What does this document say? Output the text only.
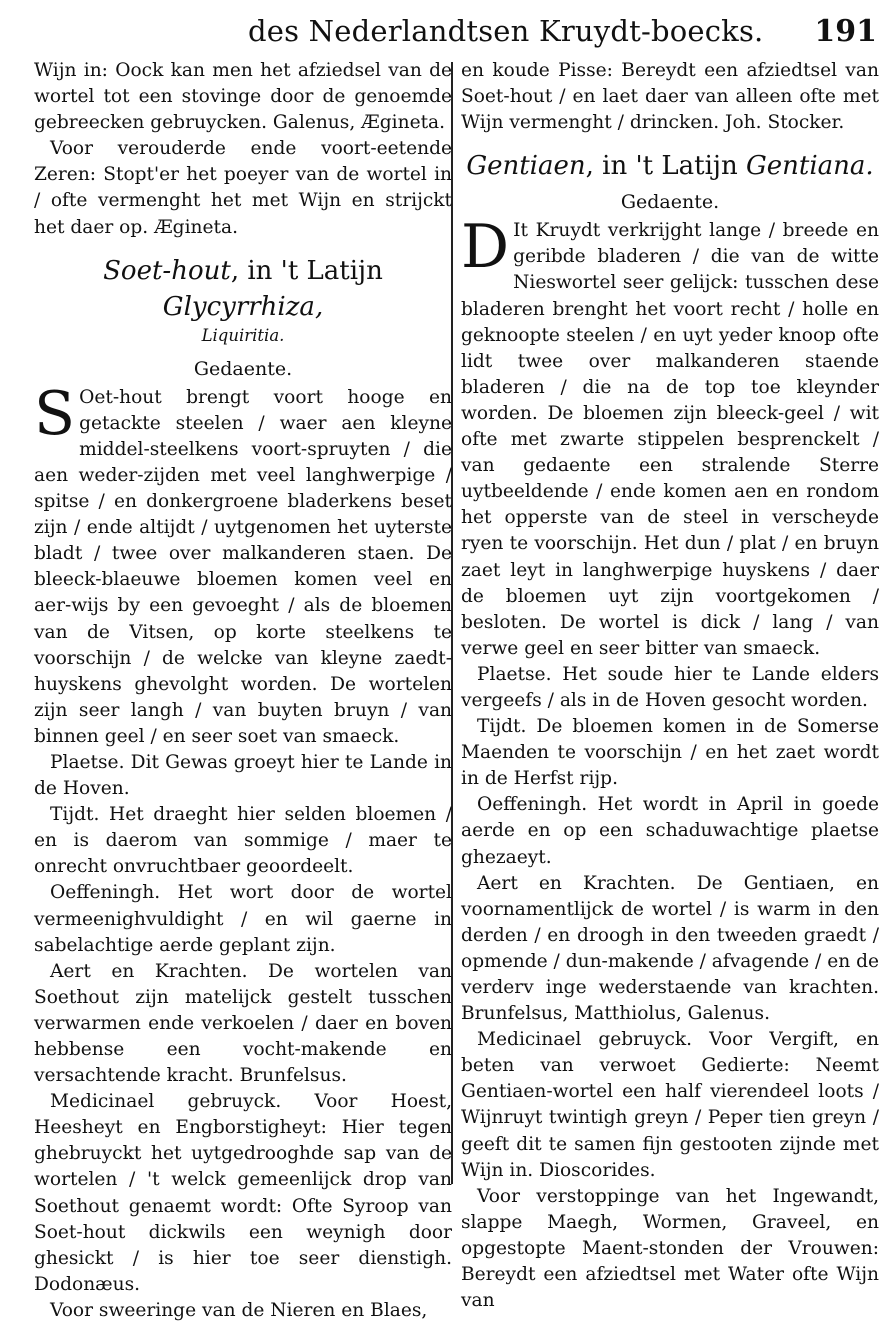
des Nederlandtsen Kruydt-boecks. 191

Wijn in: Oock kan men het afziedsel van de wortel tot een stovinge door de genoemde gebreecken gebruycken. Galenus, Ægineta.

Voor verouderde ende voort-eetende Zeren: Stopt'er het poeyer van de wortel in / ofte vermenght het met Wijn en strijckt het daer op. Ægineta.

Soet-hout, in 't Latijn Glycyrrhiza,

Liquiritia.

Gedaente.

S Oet-hout brengt voort hooge en getackte steelen / waer aen kleyne middel-steelkens voort-spruyten / die aen weder-zijden met veel langhwerpige / spitse / en donkergroene bladerkens beset zijn / ende altijdt / uytgenomen het uyterste bladt / twee over malkanderen staen. De bleeck-blaeuwe bloemen komen veel en aer-wijs by een gevoeght / als de bloemen van de Vitsen, op korte steelkens te voorschijn / de welcke van kleyne zaedt-huyskens ghevolght worden. De wortelen zijn seer langh / van buyten bruyn / van binnen geel / en seer soet van smaeck.

Plaetse. Dit Gewas groeyt hier te Lande in de Hoven.

Tijdt. Het draeght hier selden bloemen / en is daerom van sommige / maer te onrecht onvruchtbaer geoordeelt.

Oeffeningh. Het wort door de wortel vermeenighvuldight / en wil gaerne in sabelachtige aerde geplant zijn.

Aert en Krachten. De wortelen van Soethout zijn matelijck gestelt tusschen verwarmen ende verkoelen / daer en boven hebbense een vocht-makende en versachtende kracht. Brunfelsus.

Medicinael gebruyck. Voor Hoest, Heesheyt en Engborstigheyt: Hier tegen ghebruyckt het uytgedrooghde sap van de wortelen / 't welck gemeenlijck drop van Soethout genaemt wordt: Ofte Syroop van Soet-hout dickwils een weynigh door ghesickt / is hier toe seer dienstigh. Dodonæus.

Voor sweeringe van de Nieren en Blaes,

en koude Pisse: Bereydt een afziedtsel van Soet-hout / en laet daer van alleen ofte met Wijn vermenght / drincken. Joh. Stocker.

Gentiaen, in 't Latijn Gentiana.

Gedaente.

D It Kruydt verkrijght lange / breede en geribde bladeren / die van de witte Nieswortel seer gelijck: tusschen dese bladeren brenght het voort recht / holle en geknoopte steelen / en uyt yeder knoop ofte lidt twee over malkanderen staende bladeren / die na de top toe kleynder worden. De bloemen zijn bleeck-geel / wit ofte met zwarte stippelen besprenckelt / van gedaente een stralende Sterre uytbeeldende / ende komen aen en rondom het opperste van de steel in verscheyde ryen te voorschijn. Het dun / plat / en bruyn zaet leyt in langhwerpige huyskens / daer de bloemen uyt zijn voortgekomen / besloten. De wortel is dick / lang / van verwe geel en seer bitter van smaeck.

Plaetse. Het soude hier te Lande elders vergeefs / als in de Hoven gesocht worden.

Tijdt. De bloemen komen in de Somerse Maenden te voorschijn / en het zaet wordt in de Herfst rijp.

Oeffeningh. Het wordt in April in goede aerde en op een schaduwachtige plaetse ghezaeyt.

Aert en Krachten. De Gentiaen, en voornamentlijck de wortel / is warm in den derden / en droogh in den tweeden graedt / opmende / dun-makende / afvagende / en de verderv inge wederstaende van krachten. Brunfelsus, Matthiolus, Galenus.

Medicinael gebruyck. Voor Vergift, en beten van verwoet Gedierte: Neemt Gentiaen-wortel een half vierendeel loots / Wijnruyt twintigh greyn / Peper tien greyn / geeft dit te samen fijn gestooten zijnde met Wijn in. Dioscorides.

Voor verstoppinge van het Ingewandt, slappe Maegh, Wormen, Graveel, en opgestopte Maent-stonden der Vrouwen: Bereydt een afziedtsel met Water ofte Wijn van
